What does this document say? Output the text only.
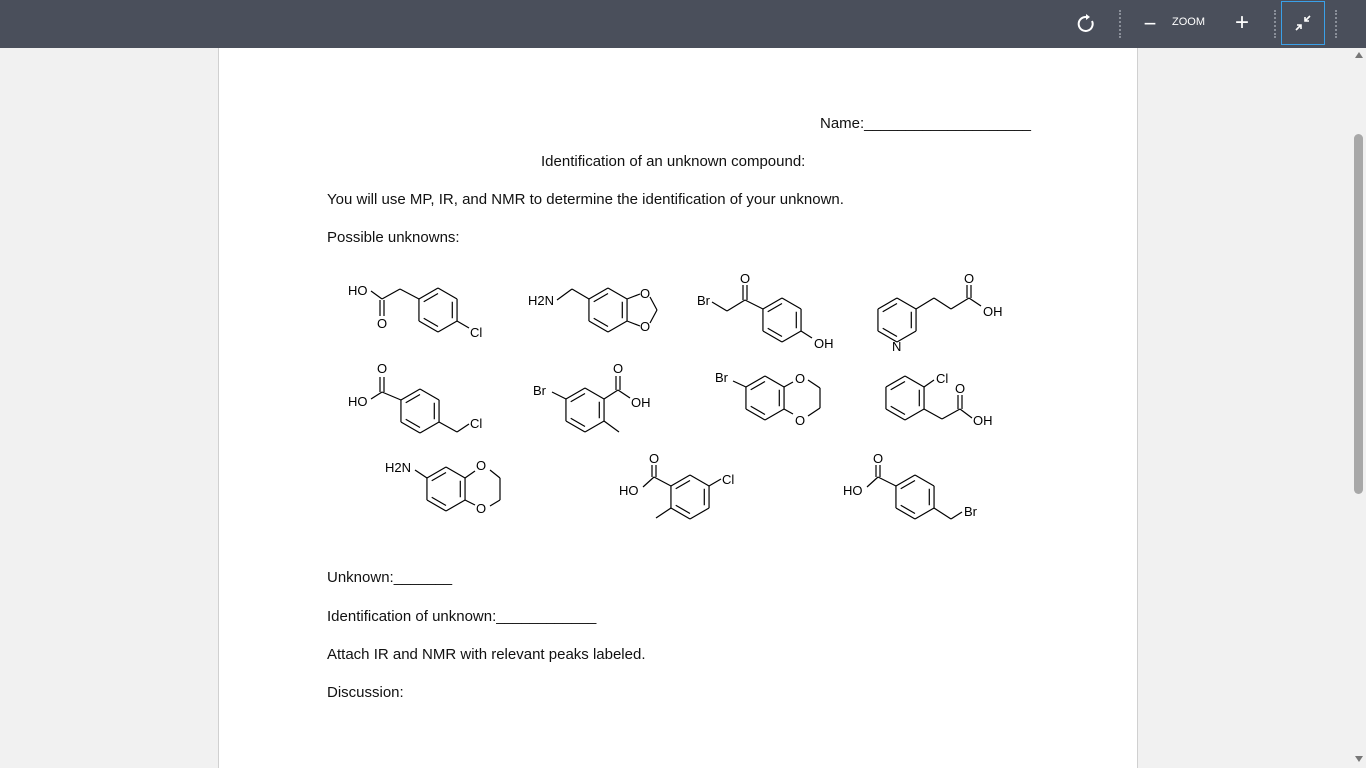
−	ZOOM +
Name:____________________
Identification of an unknown compound:
You will use MP, IR, and NMR to determine the identification of your unknown.
Possible unknowns:
Unknown:_______
Identification of unknown:____________
Attach IR and NMR with relevant peaks labeled.
Discussion:
HO
O
Cl
H2N	O
O
Br
O
OH	N
O
OH
HO
O
Cl
Br
O
OH
Br	O
O
Cl
O
OH
H2N	O
O
HO
O
Cl
HO
O
Br
